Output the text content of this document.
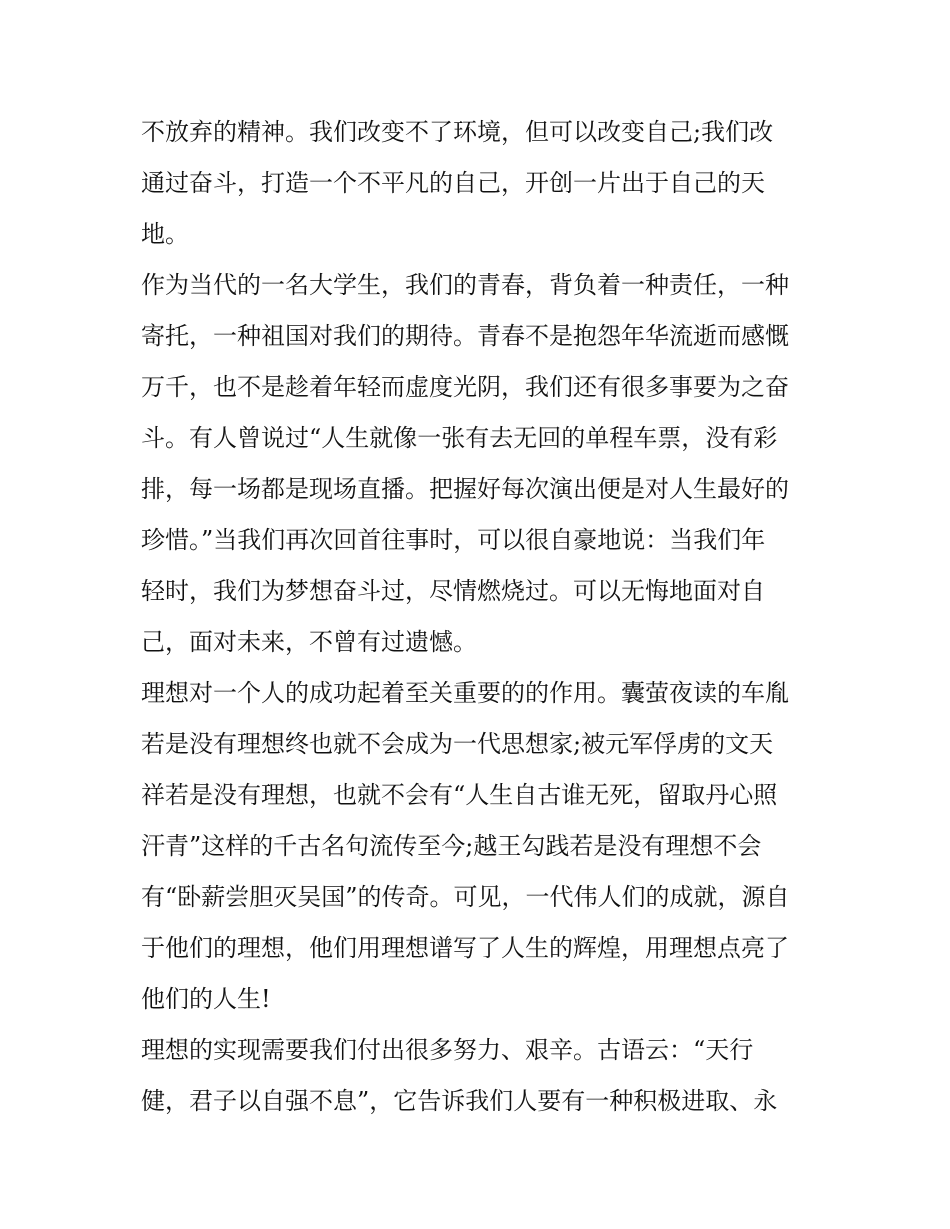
不放弃的精神。我们改变不了环境，但可以改变自己;我们改
通过奋斗，打造一个不平凡的自己，开创一片出于自己的天
地。
作为当代的一名大学生，我们的青春，背负着一种责任，一种
寄托，一种祖国对我们的期待。青春不是抱怨年华流逝而感慨
万千，也不是趁着年轻而虚度光阴，我们还有很多事要为之奋
斗。有人曾说过“人生就像一张有去无回的单程车票，没有彩
排，每一场都是现场直播。把握好每次演出便是对人生最好的
珍惜。”当我们再次回首往事时，可以很自豪地说：当我们年
轻时，我们为梦想奋斗过，尽情燃烧过。可以无悔地面对自
己，面对未来，不曾有过遗憾。
理想对一个人的成功起着至关重要的的作用。囊萤夜读的车胤
若是没有理想终也就不会成为一代思想家;被元军俘虏的文天
祥若是没有理想，也就不会有“人生自古谁无死，留取丹心照
汗青”这样的千古名句流传至今;越王勾践若是没有理想不会
有“卧薪尝胆灭吴国”的传奇。可见，一代伟人们的成就，源自
于他们的理想，他们用理想谱写了人生的辉煌，用理想点亮了
他们的人生!
理想的实现需要我们付出很多努力、艰辛。古语云：“天行
健，君子以自强不息”，它告诉我们人要有一种积极进取、永
